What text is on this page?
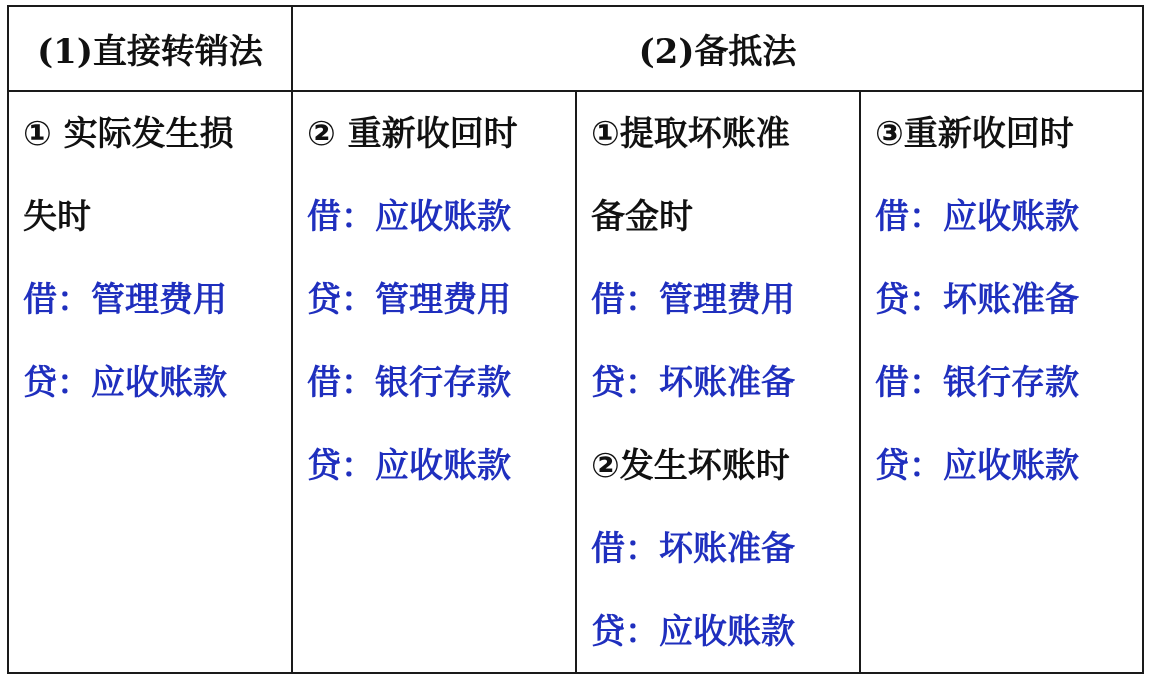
(1)直接转销法	(2)备抵法
① 实际发生损
失时
借：管理费用
贷：应收账款
② 重新收回时
借：应收账款
贷：管理费用
借：银行存款
贷：应收账款
①提取坏账准
备金时
借：管理费用
贷：坏账准备
②发生坏账时
借：坏账准备
贷：应收账款
③重新收回时
借：应收账款
贷：坏账准备
借：银行存款
贷：应收账款
